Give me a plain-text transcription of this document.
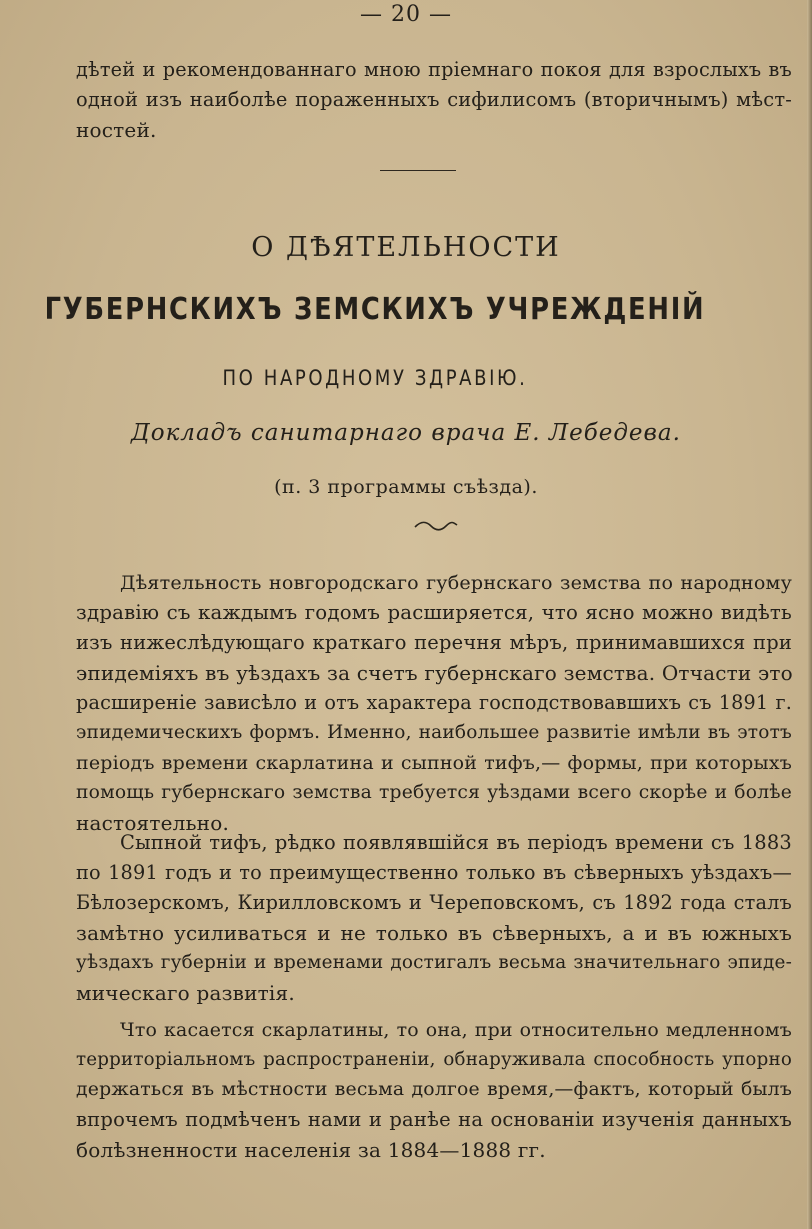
— 20 —
дѣтей и рекомендованнаго мною пріемнаго покоя для взрослыхъ въ
одной изъ наиболѣе пораженныхъ сифилисомъ (вторичнымъ) мѣст-
ностей.
О ДѢЯТЕЛЬНОСТИ
ГУБЕРНСКИХЪ ЗЕМСКИХЪ УЧРЕЖДЕНІЙ
ПО НАРОДНОМУ ЗДРАВІЮ.
Докладъ санитарнаго врача Е. Лебедева.
(п. 3 программы съѣзда).
Дѣятельность новгородскаго губернскаго земства по народному
здравію съ каждымъ годомъ расширяется, что ясно можно видѣть
изъ нижеслѣдующаго краткаго перечня мѣръ, принимавшихся при
эпидеміяхъ въ уѣздахъ за счетъ губернскаго земства. Отчасти это
расширеніе зависѣло и отъ характера господствовавшихъ съ 1891 г.
эпидемическихъ формъ. Именно, наибольшее развитіе имѣли въ этотъ
періодъ времени скарлатина и сыпной тифъ,— формы, при которыхъ
помощь губернскаго земства требуется уѣздами всего скорѣе и болѣе
настоятельно.
Сыпной тифъ, рѣдко появлявшійся въ періодъ времени съ 1883
по 1891 годъ и то преимущественно только въ сѣверныхъ уѣздахъ—
Бѣлозерскомъ, Кирилловскомъ и Череповскомъ, съ 1892 года сталъ
замѣтно усиливаться и не только въ сѣверныхъ, а и въ южныхъ
уѣздахъ губерніи и временами достигалъ весьма значительнаго эпиде-
мическаго развитія.
Что касается скарлатины, то она, при относительно медленномъ
территоріальномъ распространеніи, обнаруживала способность упорно
держаться въ мѣстности весьма долгое время,—фактъ, который былъ
впрочемъ подмѣченъ нами и ранѣе на основаніи изученія данныхъ
болѣзненности населенія за 1884—1888 гг.
